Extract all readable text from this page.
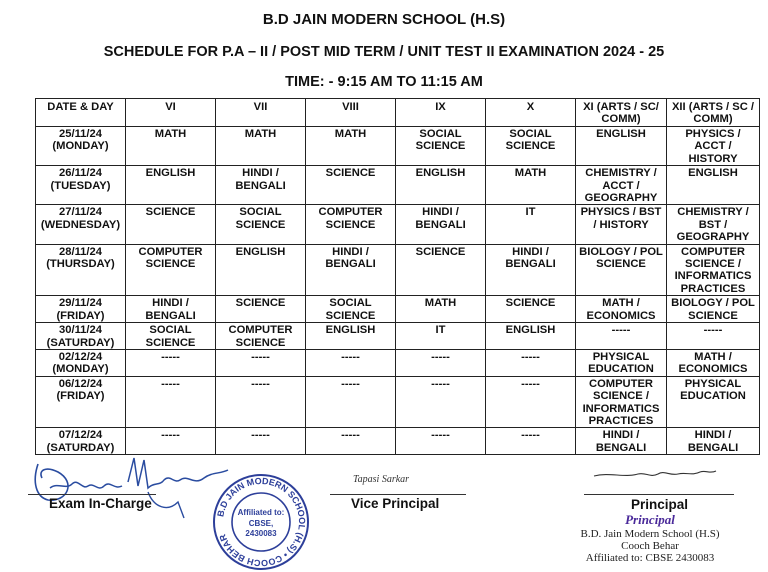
B.D JAIN MODERN SCHOOL (H.S)
SCHEDULE FOR P.A – II / POST MID TERM / UNIT TEST II EXAMINATION 2024 - 25
TIME: - 9:15 AM TO 11:15 AM
DATE & DAY	VI	VII	VIII	IX	X	XI (ARTS / SC/ COMM)	XII (ARTS / SC / COMM)

25/11/24
(MONDAY)	MATH	MATH	MATH	SOCIAL SCIENCE	SOCIAL SCIENCE	ENGLISH	PHYSICS / ACCT / HISTORY

26/11/24
(TUESDAY)	ENGLISH	HINDI / BENGALI	SCIENCE	ENGLISH	MATH	CHEMISTRY / ACCT / GEOGRAPHY	ENGLISH

27/11/24
(WEDNESDAY)	SCIENCE	SOCIAL SCIENCE	COMPUTER SCIENCE	HINDI / BENGALI	IT	PHYSICS / BST / HISTORY	CHEMISTRY / BST / GEOGRAPHY

28/11/24
(THURSDAY)	COMPUTER SCIENCE	ENGLISH	HINDI / BENGALI	SCIENCE	HINDI / BENGALI	BIOLOGY / POL SCIENCE	COMPUTER SCIENCE / INFORMATICS PRACTICES

29/11/24
(FRIDAY)	HINDI / BENGALI	SCIENCE	SOCIAL SCIENCE	MATH	SCIENCE	MATH / ECONOMICS	BIOLOGY / POL SCIENCE

30/11/24
(SATURDAY)	SOCIAL SCIENCE	COMPUTER SCIENCE	ENGLISH	IT	ENGLISH	-----	-----

02/12/24
(MONDAY)	-----	-----	-----	-----	-----	PHYSICAL EDUCATION	MATH / ECONOMICS

06/12/24
(FRIDAY)	-----	-----	-----	-----	-----	COMPUTER SCIENCE / INFORMATICS PRACTICES	PHYSICAL EDUCATION

07/12/24
(SATURDAY)	-----	-----	-----	-----	-----	HINDI / BENGALI	HINDI / BENGALI
Exam In-Charge
B.D JAIN MODERN SCHOOL (H.S) • COOCH BEHAR
Affiliated to:
CBSE,
2430083
Tapasi Sarkar
Vice Principal	Principal
Principal
B.D. Jain Modern School (H.S)
Cooch Behar
Affiliated to: CBSE 2430083
